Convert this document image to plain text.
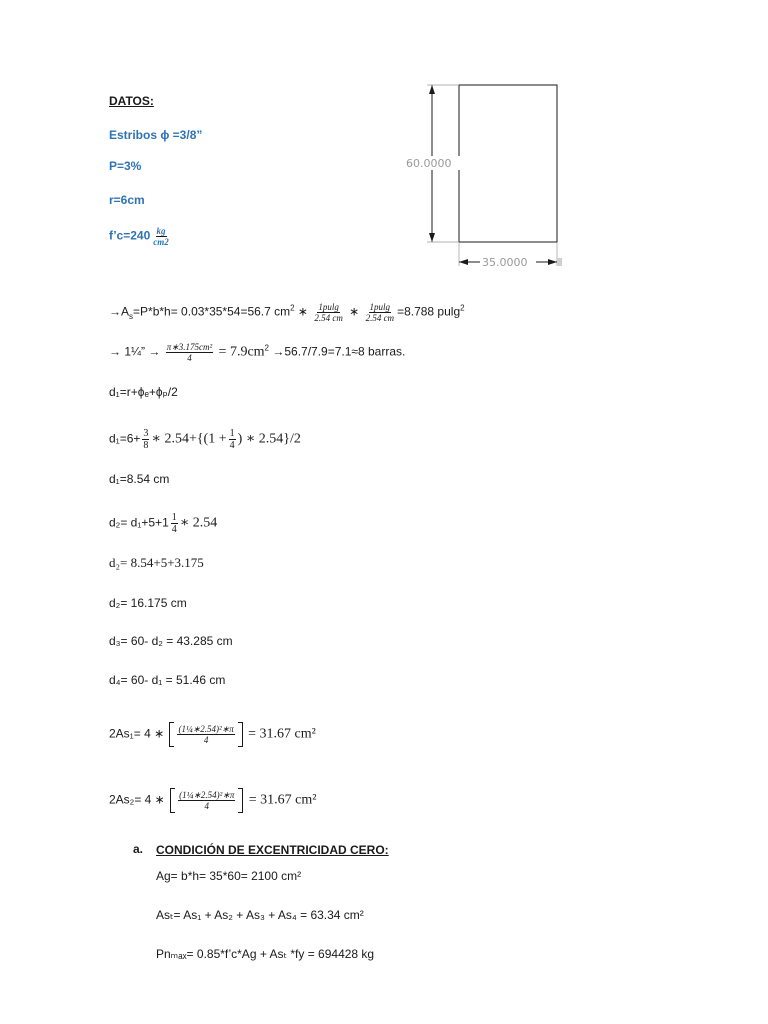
DATOS:
Estribos ϕ =3/8”
P=3%
r=6cm
f’c=240 $\frac{kg}{cm2}$
60.0000
35.0000
$\to A_s=P*b*h= 0.03*35*54=56.7$ $cm^2$ ∗ $\frac{1pulg}{2.54 cm}$ ∗ $\frac{1pulg}{2.54 cm} =8.788$ pulg$^2$
→ 1¼” → $\frac{\text{π∗3.175cm²}}{4} = 7.9cm^2 \to 56.7/7.9=7.1\approx 8$ barras.
d₁=r+ϕₑ+ϕₚ/2
$d_1=6+ \frac{3}{8}$ ∗ $2.54+\{(1 + \frac{1}{4}$ ) ∗ 2.54}/2
d₁=8.54 cm
$d_2= d_1+5+1 \frac{1}{4}$ ∗ 2.54
d₂= 8.54+5+3.175
d₂= 16.175 cm
d₃= 60- d₂ = 43.285 cm
d₄= 60- d₁ = 51.46 cm
2As₁= 4 ∗ $\frac{\text{(1¼∗2.54)²∗π}}{4} = 31.67$ cm²
2As₂= 4 ∗ $\frac{\text{(1¼∗2.54)²∗π}}{4} = 31.67$ cm²
a. CONDICIÓN DE EXCENTRICIDAD CERO:
Ag= b*h= 35*60= 2100 cm²
Asₜ= As₁ + As₂ + As₃ + As₄ = 63.34 cm²
Pnₘₐₓ= 0.85*f’c*Ag + Asₜ *fy = 694428 kg
